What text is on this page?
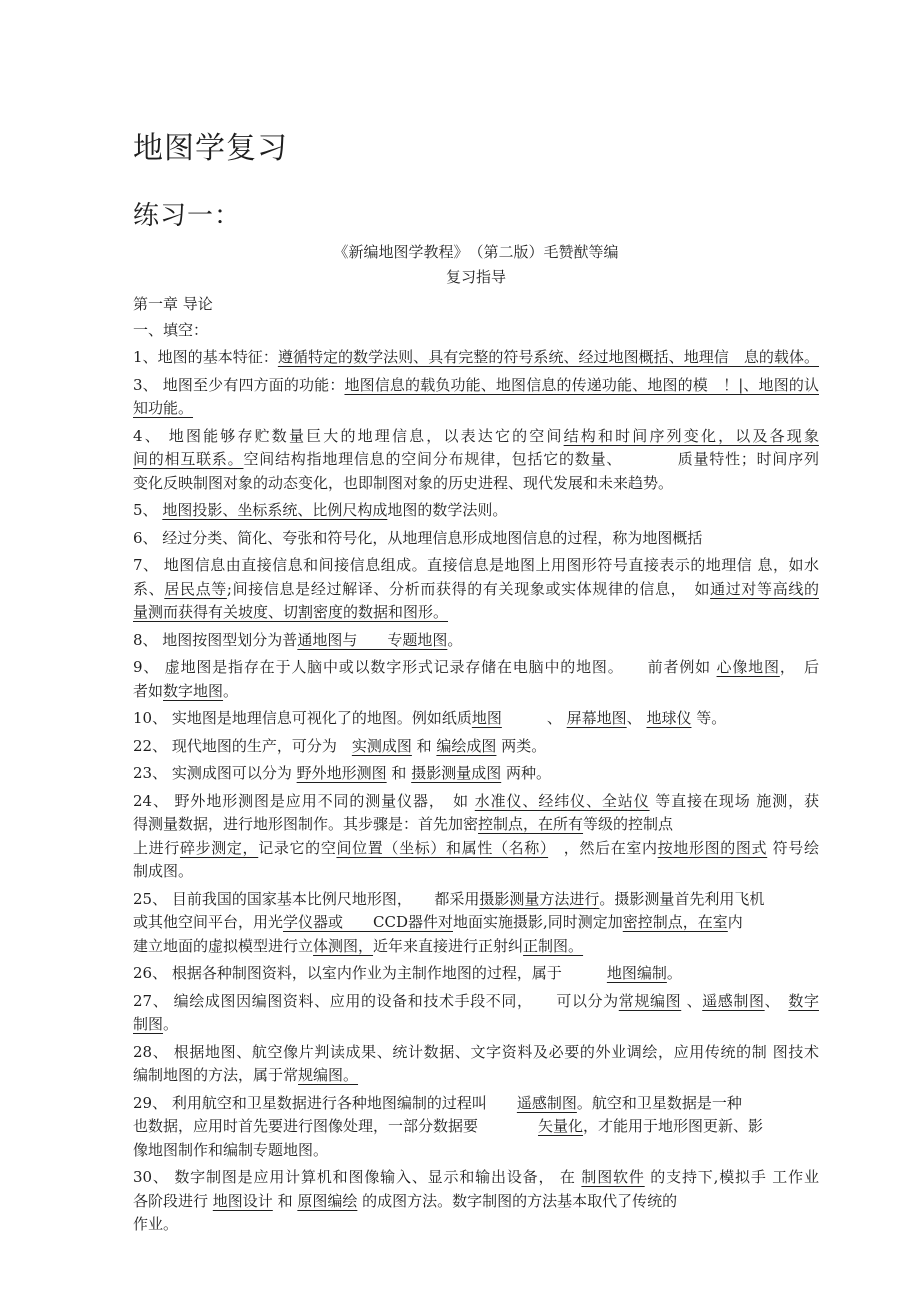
地图学复习
练习一：

《新编地图学教程》　（第二版）毛赞猷等编

复习指导

第一章 导论

一、填空：

1、地图的基本特征：遵循特定的数学法则、具有完整的符号系统、经过地图概括、地理信　息的载体。
3、 地图至少有四方面的功能：地图信息的载负功能、地图信息的传递功能、地图的模　！|、地图的认
知功能。
4、 地图能够存贮数量巨大的地理信息，以表达它的空间结构和时间序列变化，以及各现象
间的相互联系。空间结构指地理信息的空间分布规律，包括它的数量、　　　　质量特性；时间序列
变化反映制图对象的动态变化，也即制图对象的历史进程、现代发展和未来趋势。
5、 地图投影、坐标系统、比例尺构成地图的数学法则。
6、 经过分类、简化、夸张和符号化，从地理信息形成地图信息的过程，称为地图概括
7、 地图信息由直接信息和间接信息组成。直接信息是地图上用图形符号直接表示的地理信 息，如水
系、居民点等;间接信息是经过解译、分析而获得的有关现象或实体规律的信息，　如通过对等高线的
量测而获得有关坡度、切割密度的数据和图形。
8、 地图按图型划分为普通地图与　　专题地图。
9、 虚地图是指存在于人脑中或以数字形式记录存储在电脑中的地图。　　前者例如 心像地图，　后
者如数字地图。
10、 实地图是地理信息可视化了的地图。例如纸质地图　　　、 屏幕地图、 地球仪 等。
22、 现代地图的生产，可分为　实测成图 和 编绘成图 两类。
23、 实测成图可以分为 野外地形测图 和 摄影测量成图 两种。
24、 野外地形测图是应用不同的测量仪器，　如 水准仪、经纬仪、全站仪 等直接在现场 施测，获
得测量数据，进行地形图制作。其步骤是：首先加密控制点，在所有等级的控制点
上进行碎步测定，记录它的空间位置（坐标）和属性（名称）　，然后在室内按地形图的图式 符号绘
制成图。
25、 目前我国的国家基本比例尺地形图，　　都采用摄影测量方法进行。摄影测量首先利用飞机
或其他空间平台，用光学仪器或　　CCD器件对地面实施摄影,同时测定加密控制点，在室内
建立地面的虚拟模型进行立体测图，近年来直接进行正射纠正制图。
26、 根据各种制图资料，以室内作业为主制作地图的过程，属于　　　地图编制。
27、 编绘成图因编图资料、应用的设备和技术手段不同，　　可以分为常规编图 、遥感制图、　数字
制图。
28、 根据地图、航空像片判读成果、统计数据、文字资料及必要的外业调绘，应用传统的制 图技术
编制地图的方法，属于常规编图。
29、 利用航空和卫星数据进行各种地图编制的过程叫　　遥感制图。航空和卫星数据是一种
也数据，应用时首先要进行图像处理，一部分数据要　　　　矢量化，才能用于地形图更新、影
像地图制作和编制专题地图。
30、 数字制图是应用计算机和图像输入、显示和输出设备， 在 制图软件 的支持下,模拟手 工作业
各阶段进行 地图设计 和 原图编绘 的成图方法。数字制图的方法基本取代了传统的
作业。
